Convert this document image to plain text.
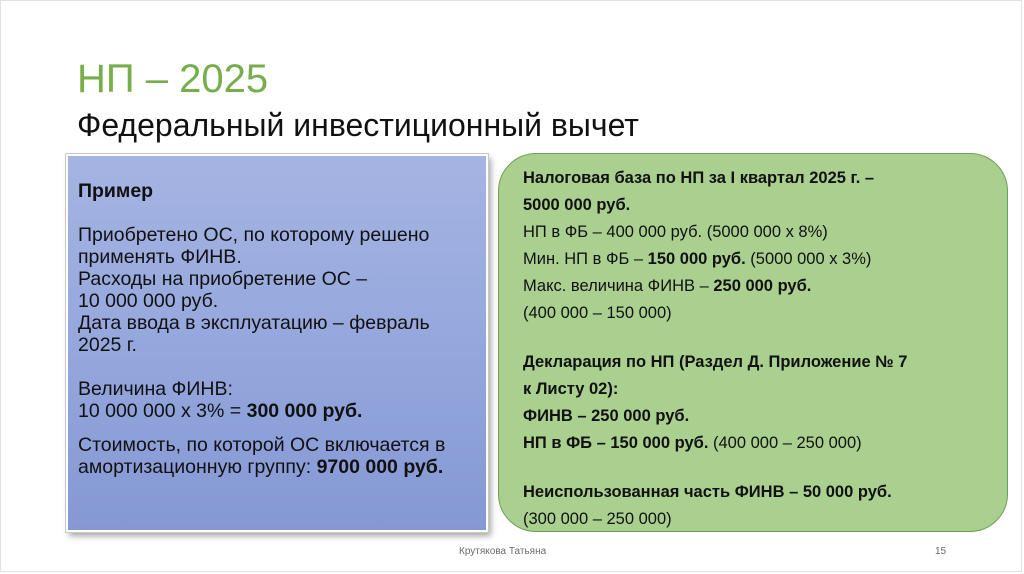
НП – 2025
Федеральный инвестиционный вычет

Пример

Приобретено ОС, по которому решено применять ФИНВ.

Расходы на приобретение ОС –

10 000 000 руб.

Дата ввода в эксплуатацию – февраль 2025 г.

Величина ФИНВ:

10 000 000 х 3% = 300 000 руб.

Стоимость, по которой ОС включается в амортизационную группу: 9700 000 руб.

Налоговая база по НП за I квартал 2025 г. –

5000 000 руб.

НП в ФБ – 400 000 руб. (5000 000 х 8%)

Мин. НП в ФБ – 150 000 руб. (5000 000 х 3%)

Макс. величина ФИНВ – 250 000 руб.

(400 000 – 150 000)

Декларация по НП (Раздел Д. Приложение № 7

к Листу 02):

ФИНВ – 250 000 руб.

НП в ФБ – 150 000 руб. (400 000 – 250 000)

Неиспользованная часть ФИНВ – 50 000 руб.

(300 000 – 250 000)

Крутякова Татьяна	15
